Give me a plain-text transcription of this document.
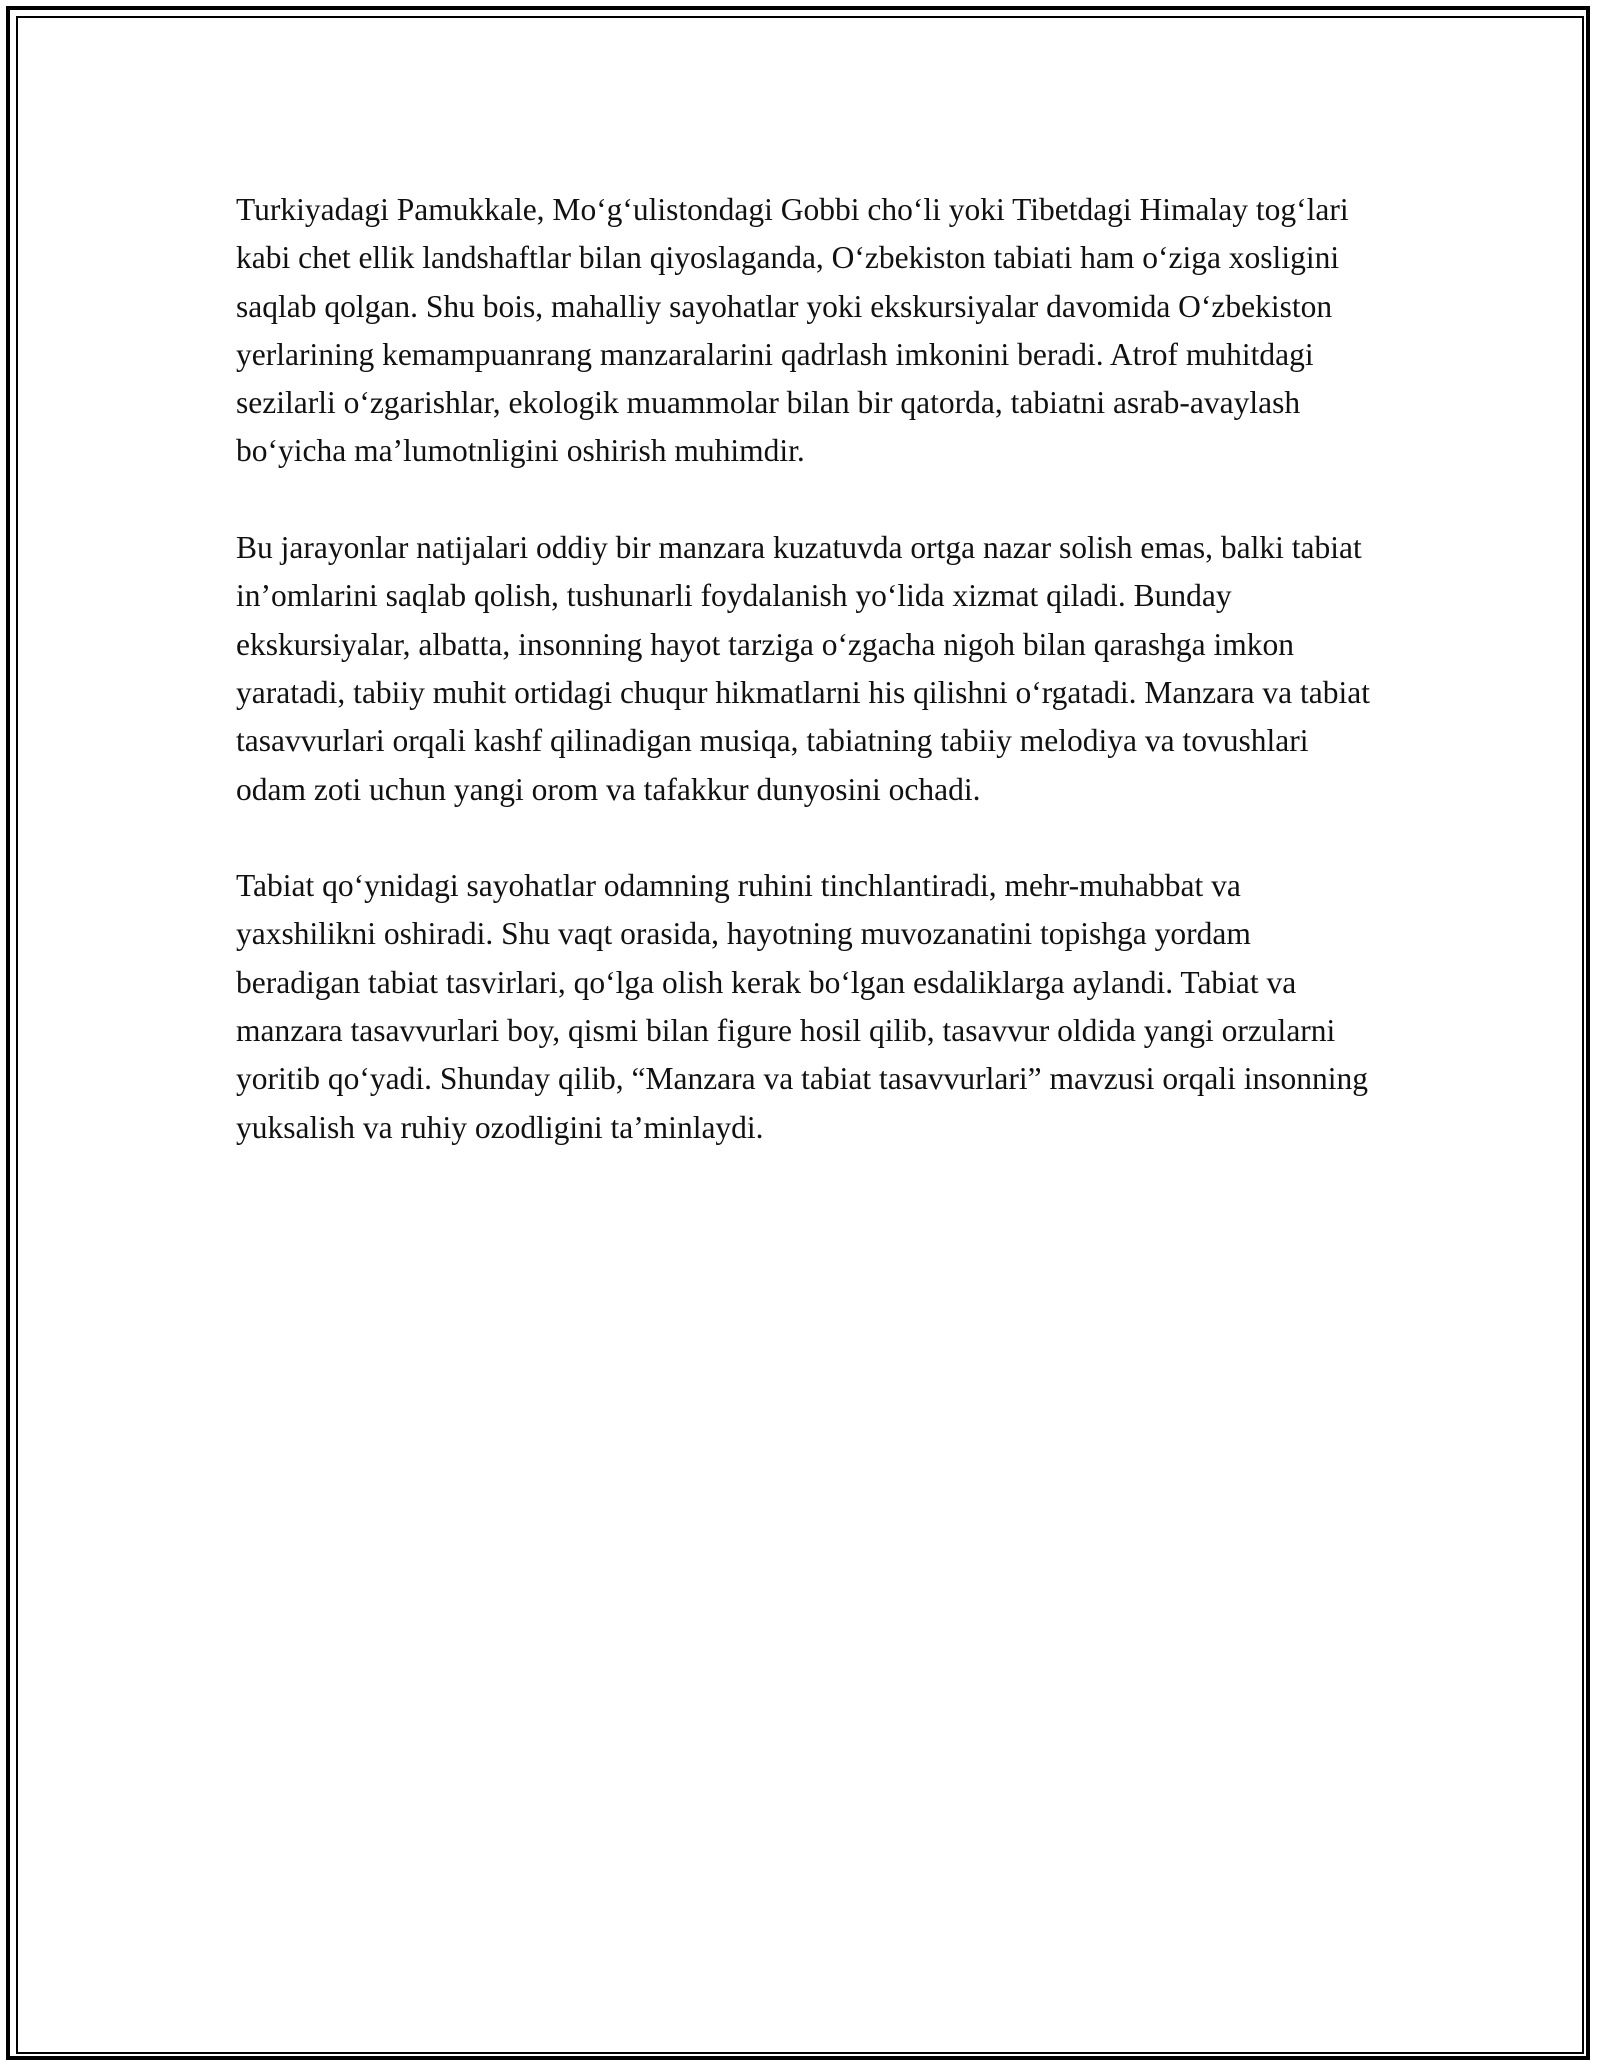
Turkiyadagi Pamukkale, Mo‘g‘ulistondagi Gobbi cho‘li yoki Tibetdagi Himalay tog‘lari kabi chet ellik landshaftlar bilan qiyoslaganda, O‘zbekiston tabiati ham o‘ziga xosligini saqlab qolgan. Shu bois, mahalliy sayohatlar yoki ekskursiyalar davomida O‘zbekiston yerlarining kemampuanrang manzaralarini qadrlash imkonini beradi. Atrof muhitdagi sezilarli o‘zgarishlar, ekologik muammolar bilan bir qatorda, tabiatni asrab-avaylash bo‘yicha ma’lumotnligini oshirish muhimdir.

Bu jarayonlar natijalari oddiy bir manzara kuzatuvda ortga nazar solish emas, balki tabiat in’omlarini saqlab qolish, tushunarli foydalanish yo‘lida xizmat qiladi. Bunday ekskursiyalar, albatta, insonning hayot tarziga o‘zgacha nigoh bilan qarashga imkon yaratadi, tabiiy muhit ortidagi chuqur hikmatlarni his qilishni o‘rgatadi. Manzara va tabiat tasavvurlari orqali kashf qilinadigan musiqa, tabiatning tabiiy melodiya va tovushlari odam zoti uchun yangi orom va tafakkur dunyosini ochadi.

Tabiat qo‘ynidagi sayohatlar odamning ruhini tinchlantiradi, mehr-muhabbat va yaxshilikni oshiradi. Shu vaqt orasida, hayotning muvozanatini topishga yordam beradigan tabiat tasvirlari, qo‘lga olish kerak bo‘lgan esdaliklarga aylandi. Tabiat va manzara tasavvurlari boy, qismi bilan figure hosil qilib, tasavvur oldida yangi orzularni yoritib qo‘yadi. Shunday qilib, “Manzara va tabiat tasavvurlari” mavzusi orqali insonning yuksalish va ruhiy ozodligini ta’minlaydi.
